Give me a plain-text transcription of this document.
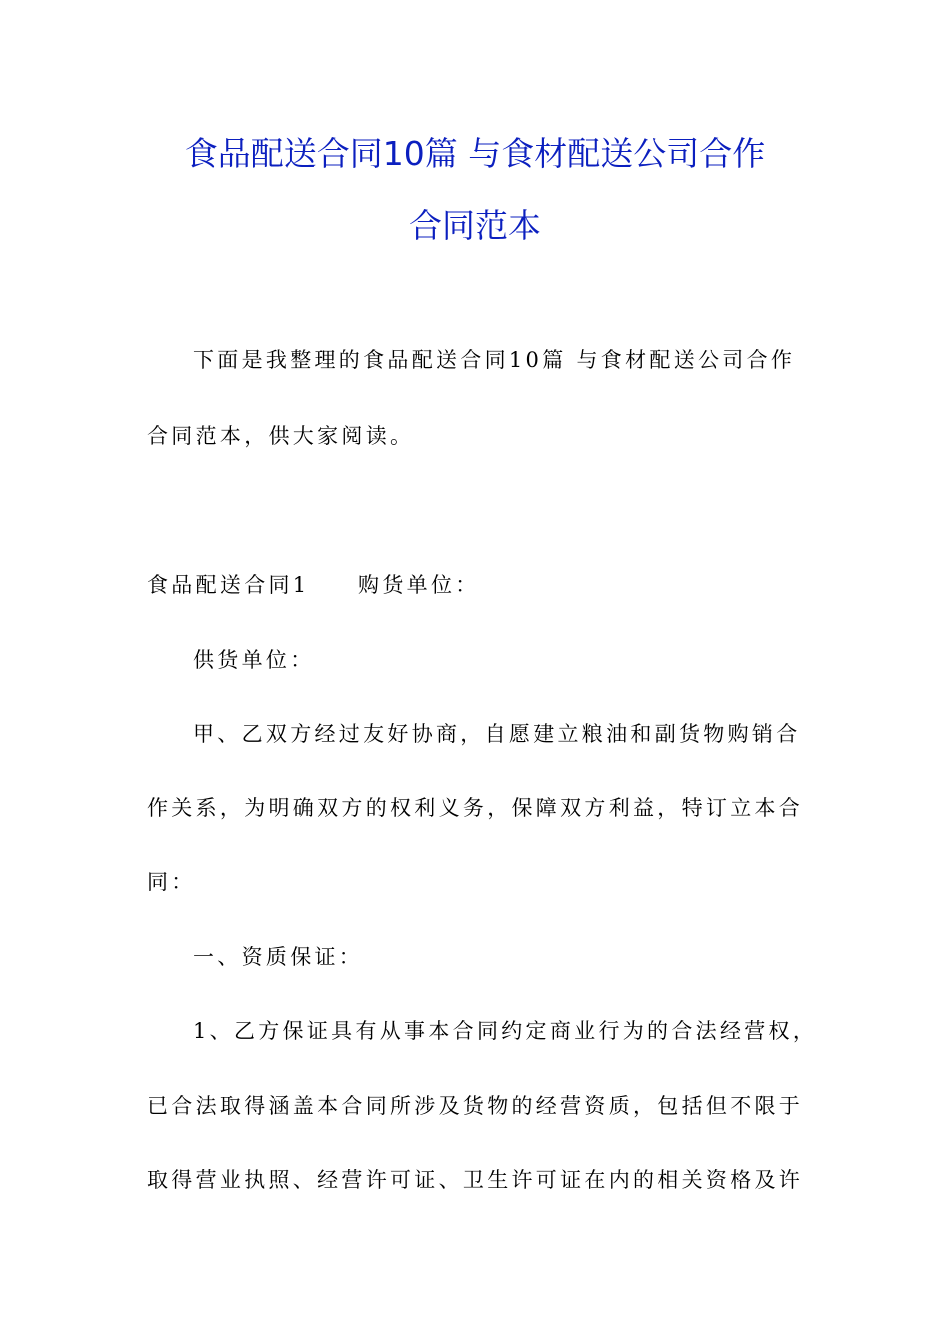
食品配送合同10篇 与食材配送公司合作
合同范本
下面是我整理的食品配送合同10篇 与食材配送公司合作
合同范本，供大家阅读。
食品配送合同1　　购货单位：
供货单位：
甲、乙双方经过友好协商，自愿建立粮油和副货物购销合
作关系，为明确双方的权利义务，保障双方利益，特订立本合
同：
一、资质保证：
1、乙方保证具有从事本合同约定商业行为的合法经营权，
已合法取得涵盖本合同所涉及货物的经营资质，包括但不限于
取得营业执照、经营许可证、卫生许可证在内的相关资格及许
